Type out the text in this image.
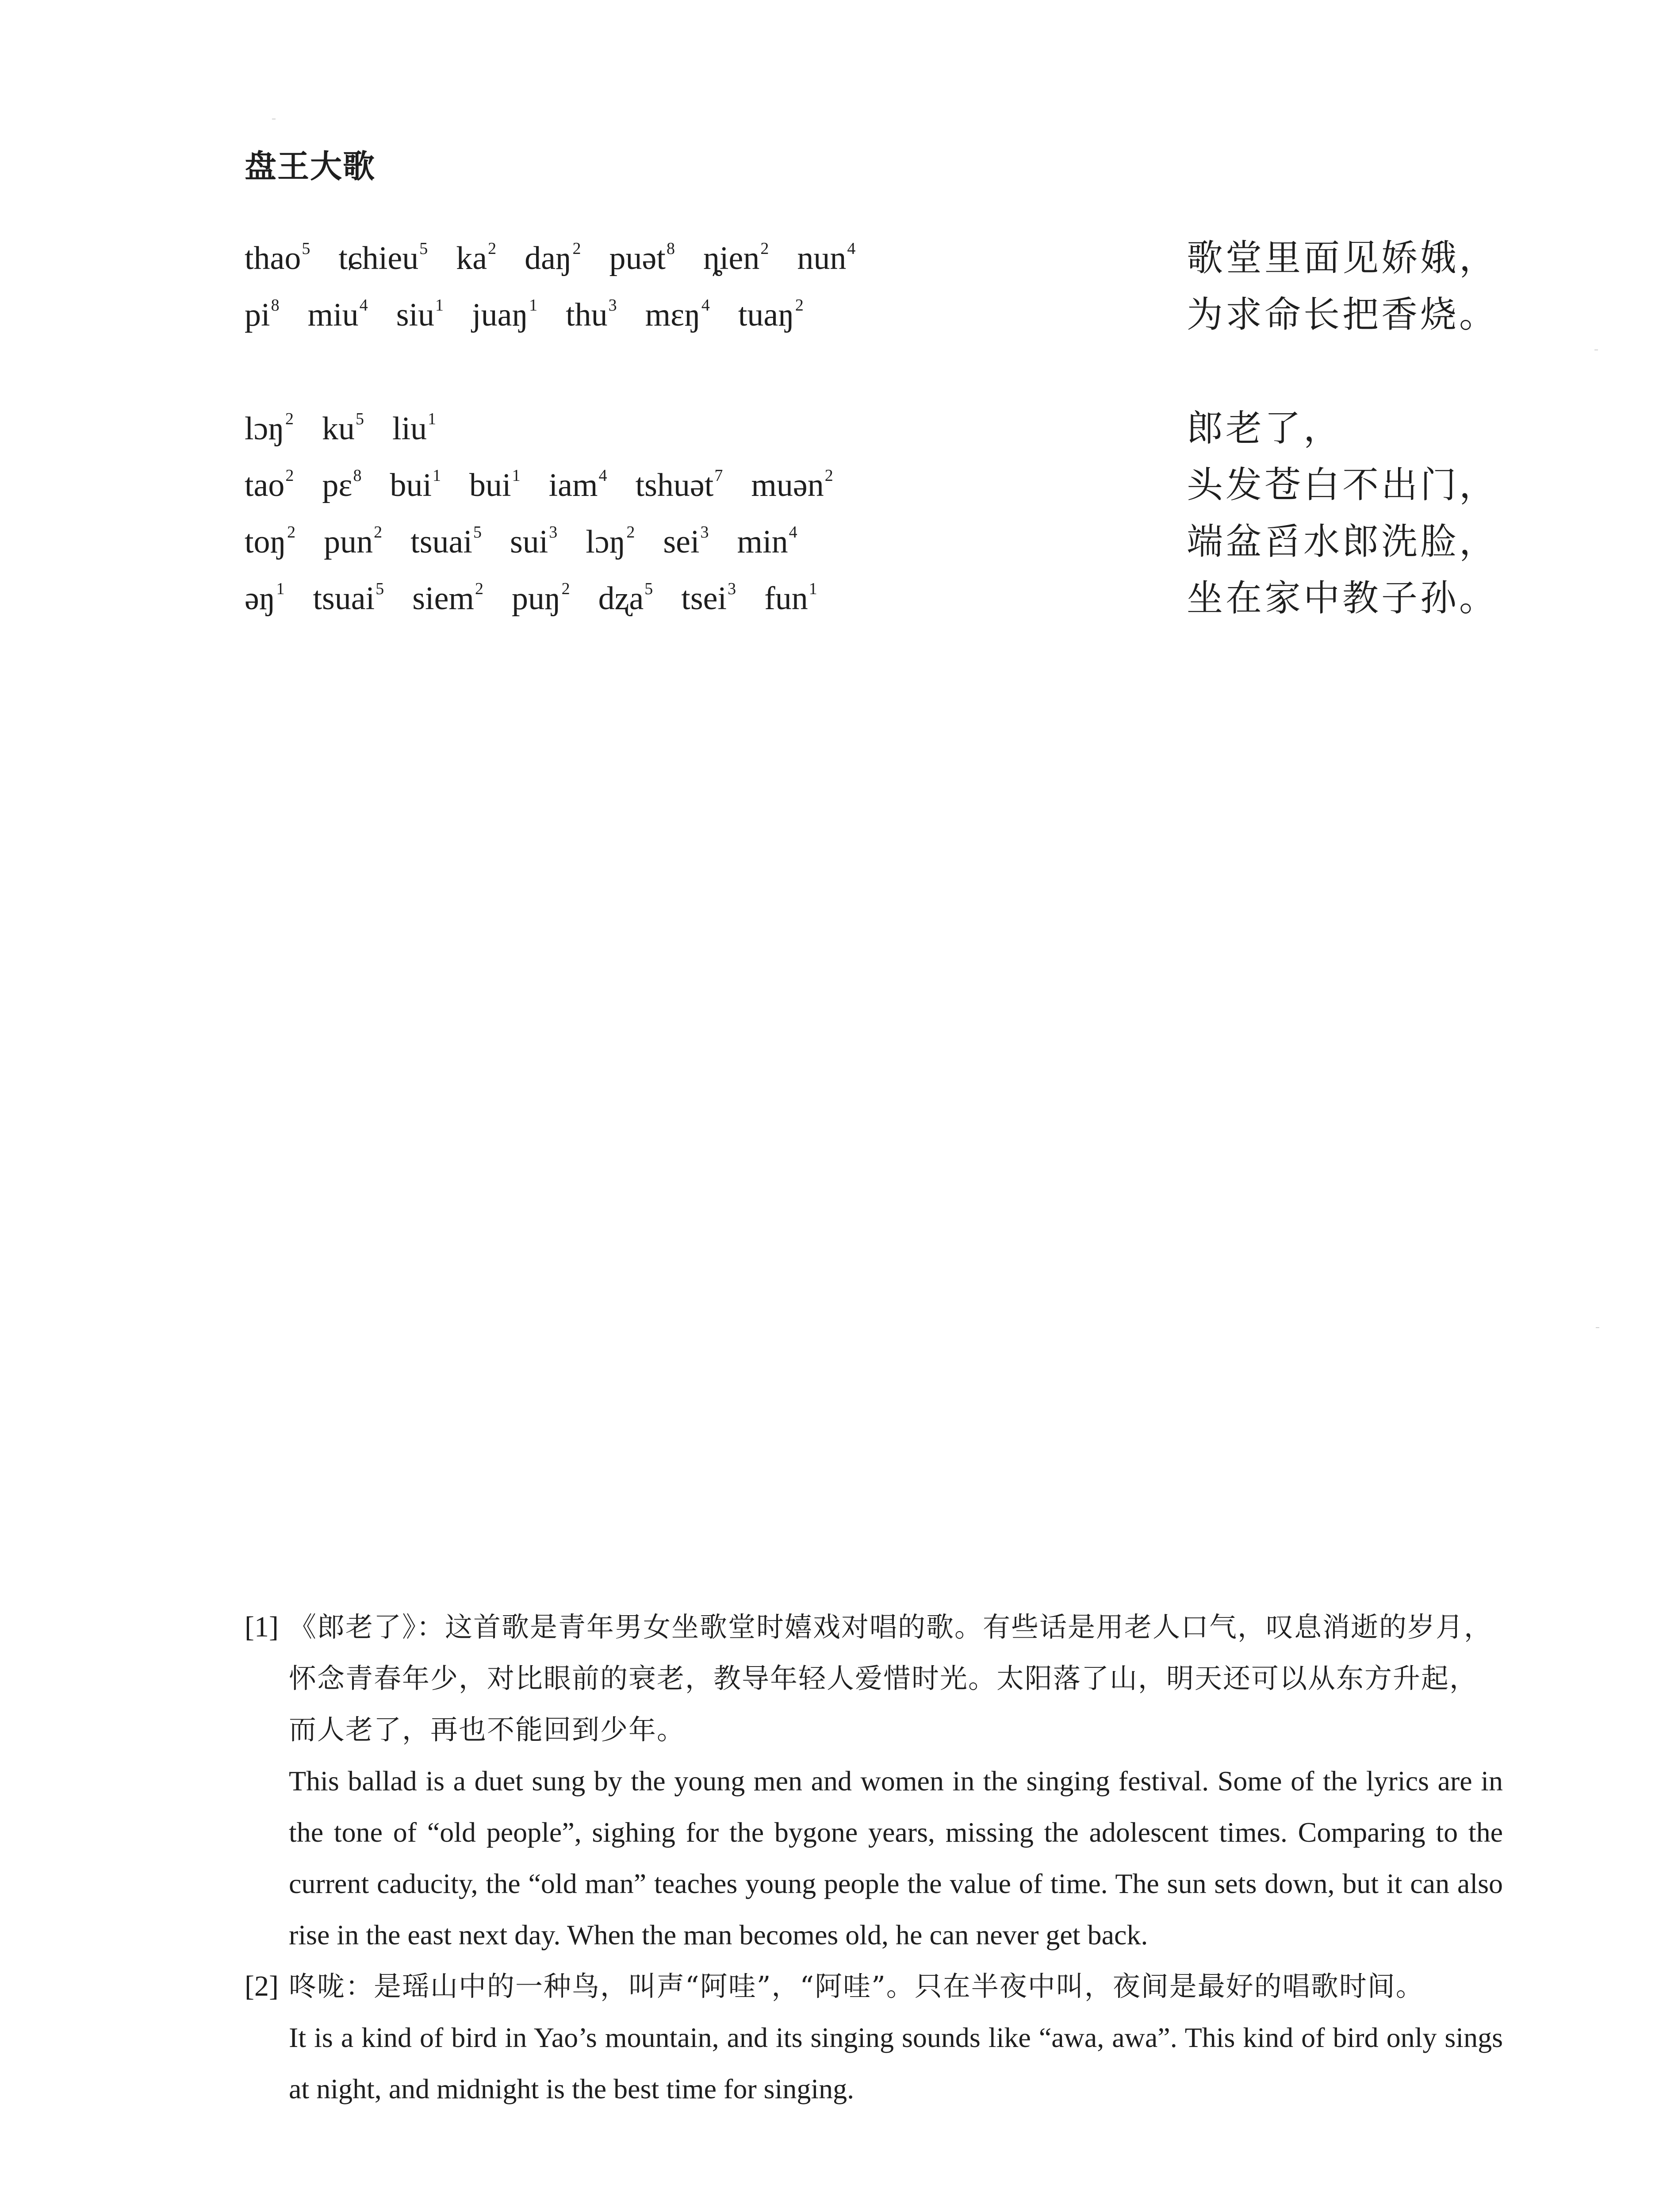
盘王大歌
thao$^5$ tɕhieu$^5$ $ka^2$ daŋ$^2$ puət$^8$ ȵien$^2$ nun$^4$	歌堂里面见娇娥，
$pi^8$ miu$^4$ siu$^1$ juaŋ$^1$ thu$^3$ mɛŋ$^4$ tuaŋ$^2$	为求命长把香烧。
lɔŋ$^2$ $ku^5$ liu$^1$	郎老了，
tao$^2$ pɛ$^8$ bui$^1$ bui$^1$ iam$^4$ tshuət$^7$ muən$^2$	头发苍白不出门，
toŋ$^2$ pun$^2$ tsuai$^5$ sui$^3$ lɔŋ$^2$ sei$^3$ $\min^4$	端盆舀水郎洗脸，
əŋ$^1$ tsuai$^5$ siem$^2$ puŋ$^2$ dʐa$^5$ tsei$^3$ fun$^1$	坐在家中教子孙。
[1] 《郎老了》：这首歌是青年男女坐歌堂时嬉戏对唱的歌。有些话是用老人口气，叹息消逝的岁月，怀念青春年少，对比眼前的衰老，教导年轻人爱惜时光。太阳落了山，明天还可以从东方升起，而人老了，再也不能回到少年。
This ballad is a duet sung by the young men and women in the singing festival. Some of the lyrics are in the tone of “old people”, sighing for the bygone years, missing the adolescent times. Comparing to the current caducity, the “old man” teaches young people the value of time. The sun sets down, but it can also rise in the east next day. When the man becomes old, he can never get back.
[2] 咚咙：是瑶山中的一种鸟，叫声“阿哇”，“阿哇”。只在半夜中叫，夜间是最好的唱歌时间。
It is a kind of bird in Yao’s mountain, and its singing sounds like “awa, awa”. This kind of bird only sings at night, and midnight is the best time for singing.
